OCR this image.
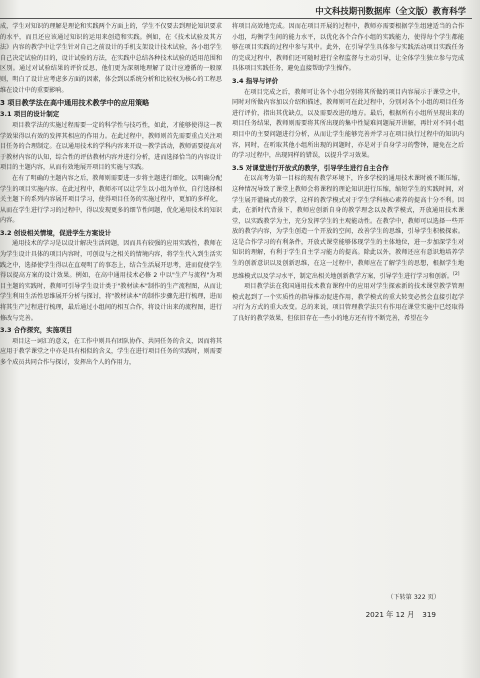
中文科技期刊数据库（全文版）教育科学

成，学生对知识的理解是理论和实践两个方面上的，学生不仅要去到理论知识要求的水平，而且还应该通过知识的运用来创造和实践。例如，在《技术试验及其方法》内容的教学中让学生针对自己之前设计的手机支架设计技术试验，各小组学生自己决定试验的目的，设计试验的方法，在实践中总结各种技术试验的适用范围和区别。通过对试验结果的评价反思，他们更为深刻地理解了设计应遵循的一般原则，明白了设计应考虑多方面的因素，体会到以系统分析和比较权为核心的工程思维在设计中的重要影响。

3 项目教学法在高中通用技术教学中的应用策略
3.1 项目的设计制定

项目教学法的实施过程需要一定的科学性与技巧性，如此，才能够使得这一教学效果得以有效的发挥其相应的作用力。在此过程中，教师则首先需要重点关注项目任务的合理制定。在以通用技术的学科内容来开设一教学活动，教师需要提高对于教材内容的认知，综合性的评估教材内容并进行分析，进而选择恰当的内容设计项目的主题内容，从而有效地展开项目的实施与实践。

在有了明确的主题内容之后，教师则需要进一步将主题进行细化，以明确分配学生的项目实施内容。在此过程中，教师亦可以让学生以小组为单位，自行选择相关主题下的系列内容展开项目学习，使得项目任务的实施过程中，更加的多样化，从而在学生进行学习的过程中，得以发现更多的细节性问题，优化通用技术的知识内容。

3.2 创设相关情境，促进学生方案设计

通用技术的学习是以设计解决生活问题，因而具有较强的应用实践性，教师在为学生设计具体的项目内容时，可创设与之相关的情境内容，将学生代入到生活实践之中，选择使学生得以在直观明了的事态上，结合生活展开思考，进而促使学生得以提高方案的设计效果。例如，在高中通用技术必修 2 中以"生产与流程"为项目主题的实践时，教师可引导学生设计类于"教材读本"制作的生产流程图，从而让学生利用生活性思维展开分析与探讨，将"教材读本"的制作步骤先进行梳理，进而将其生产过程进行梳理，最后通过小组间的相互合作，将设计出来的流程图，进行修改与完善。

3.3 合作探究，实施项目

项目这一词汇的意义，在工作中则具有团队协作、共同任务的含义，因而将其应用于教学课堂之中亦是具有相似的含义，学生在进行项目任务的实践时，则需要多个成员共同合作与探讨，发挥出个人的作用力，

将项目高效地完成。因而在项目开展的过程中，教师亦需要根据学生组建适当的合作小组，均衡学生间的能力水平，以优化各个合作小组的实践能力，使得每个学生都能够在项目实践的过程中参与其中。此外，在引导学生具体参与实践活动项目实践任务的完成过程中，教师们还可随时进行全程监督与主动引导，让全体学生独立参与完成具体项目实践任务，避免直接帮助学生操作。

3.4 指导与评价

在项目完成之后，教师可让各个小组分别将其所做的项目内容展示于课堂之中，同时对所做内容加以介绍和描述，教师则可在此过程中，分别对各个小组的项目任务进行评价，指出其优缺点，以及需要改进的地方。最后，根据所有小组所呈现出来的项目任务结果，教师则需要将其所出现的集中性疑难问题展开讲解，再针对不同小组项目中的主要问题进行分析，从而让学生能够完善并学习在项目执行过程中的知识内容，同时，在听取其他小组所出现的问题时，亦是对于自身学习的警钟，避免在之后的学习过程中，出现同样的错误，以提升学习效果。

3.5 对课堂进行开放式的教学，引导学生进行自主合作

在以高考为第一目标的现有教学环境下，许多学校的通用技术课时被不断压缩，这种情况导致了课堂上教师会将课程的理论知识进行压缩，缩短学生的实践时间，对学生展开灌输式的教学，这样的教学模式对于学生学科核心素养的提高十分不利。因此，在新时代背景下，教师应创新自身的教学理念以及教学模式，开放通用技术课堂，以实践教学为主，充分发挥学生的主观能动性。在教学中，教师可以选择一些开放的教学内容，为学生创造一个开放的空间，改善学生的思维，引导学生积极探索。这是合作学习的有利条件，开放式课堂能够体现学生的主体地位，进一步加深学生对知识的理解，有利于学生自主学习能力的提高。除此以外，教师还应有意识地培养学生的创新意识以及创新思维，在这一过程中，教师应在了解学生的思想，根据学生地思维模式以及学习水平，制定出相关地创新教学方案，引导学生进行学习和创新。[2]

项目教学法在我国通用技术教育课程中的应用对学生探索新的技术课堂教学管理模式起到了一个实质性的指导推动促进作用，教学模式的重大转变必然会直接引起学习行为方式的重大改变。总的来说，项目管理教学法只有作用在课堂实施中已经取得了良好的教学效果，但依旧存在一些小的地方还有待不断完善，希望在今

（下转第 322 页）
2021 年 12 月 319
